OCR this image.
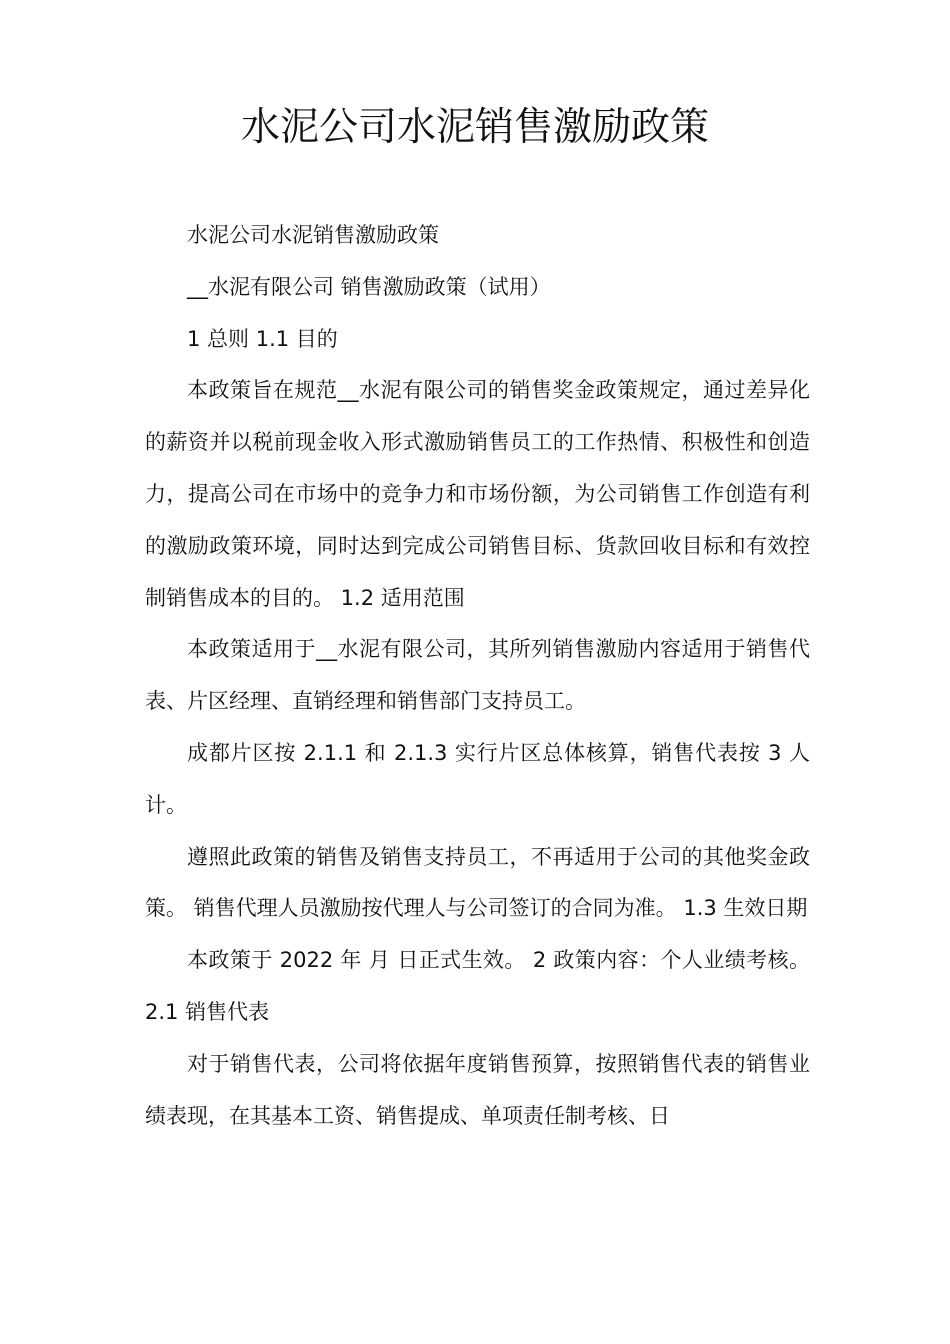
水泥公司水泥销售激励政策

水泥公司水泥销售激励政策

__水泥有限公司 销售激励政策（试用）

1 总则 1.1 目的

本政策旨在规范__水泥有限公司的销售奖金政策规定，通过差异化的薪资并以税前现金收入形式激励销售员工的工作热情、积极性和创造力，提高公司在市场中的竞争力和市场份额，为公司销售工作创造有利的激励政策环境，同时达到完成公司销售目标、货款回收目标和有效控制销售成本的目的。 1.2 适用范围

本政策适用于__水泥有限公司，其所列销售激励内容适用于销售代表、片区经理、直销经理和销售部门支持员工。

成都片区按 2.1.1 和 2.1.3 实行片区总体核算，销售代表按 3 人计。

遵照此政策的销售及销售支持员工，不再适用于公司的其他奖金政策。 销售代理人员激励按代理人与公司签订的合同为准。 1.3 生效日期

本政策于 2022 年 月 日正式生效。 2 政策内容：个人业绩考核。 2.1 销售代表

对于销售代表，公司将依据年度销售预算，按照销售代表的销售业绩表现，在其基本工资、销售提成、单项责任制考核、日
